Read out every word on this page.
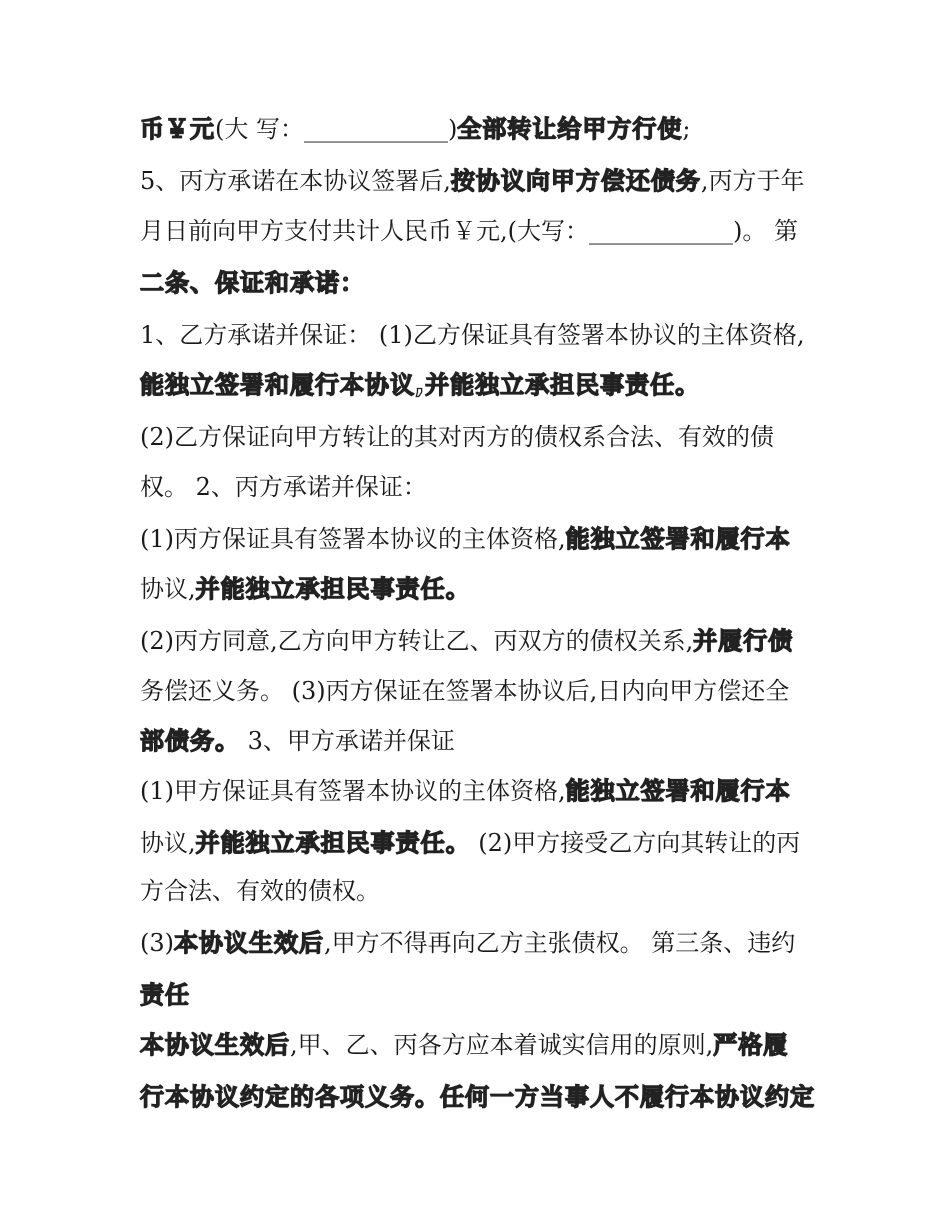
币￥元(大 写：____________)全部转让给甲方行使;
5、丙方承诺在本协议签署后,按协议向甲方偿还债务,丙方于年
月日前向甲方支付共计人民币￥元,(大写：____________)。 第
二条、保证和承诺：
1、乙方承诺并保证： (1)乙方保证具有签署本协议的主体资格,
能独立签署和履行本协议,并能独立承担民事责任。
(2)乙方保证向甲方转让的其对丙方的债权系合法、有效的债
权。 2、丙方承诺并保证：
(1)丙方保证具有签署本协议的主体资格,能独立签署和履行本
协议,并能独立承担民事责任。
(2)丙方同意,乙方向甲方转让乙、丙双方的债权关系,并履行债
务偿还义务。 (3)丙方保证在签署本协议后,日内向甲方偿还全
部债务。 3、甲方承诺并保证
(1)甲方保证具有签署本协议的主体资格,能独立签署和履行本
协议,并能独立承担民事责任。 (2)甲方接受乙方向其转让的丙
方合法、有效的债权。
(3)本协议生效后,甲方不得再向乙方主张债权。 第三条、违约
责任
本协议生效后,甲、乙、丙各方应本着诚实信用的原则,严格履
行本协议约定的各项义务。任何一方当事人不履行本协议约定
